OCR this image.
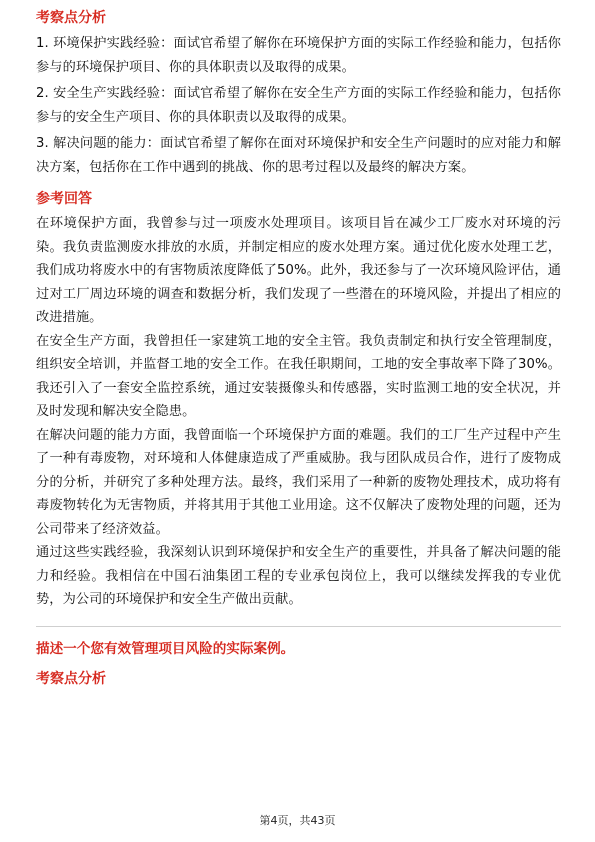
考察点分析

1. 环境保护实践经验：面试官希望了解你在环境保护方面的实际工作经验和能力，包括你参与的环境保护项目、你的具体职责以及取得的成果。

2. 安全生产实践经验：面试官希望了解你在安全生产方面的实际工作经验和能力，包括你参与的安全生产项目、你的具体职责以及取得的成果。

3. 解决问题的能力：面试官希望了解你在面对环境保护和安全生产问题时的应对能力和解决方案，包括你在工作中遇到的挑战、你的思考过程以及最终的解决方案。

参考回答

在环境保护方面，我曾参与过一项废水处理项目。该项目旨在减少工厂废水对环境的污染。我负责监测废水排放的水质，并制定相应的废水处理方案。通过优化废水处理工艺，我们成功将废水中的有害物质浓度降低了50%。此外，我还参与了一次环境风险评估，通过对工厂周边环境的调查和数据分析，我们发现了一些潜在的环境风险，并提出了相应的改进措施。

在安全生产方面，我曾担任一家建筑工地的安全主管。我负责制定和执行安全管理制度，组织安全培训，并监督工地的安全工作。在我任职期间，工地的安全事故率下降了30%。我还引入了一套安全监控系统，通过安装摄像头和传感器，实时监测工地的安全状况，并及时发现和解决安全隐患。

在解决问题的能力方面，我曾面临一个环境保护方面的难题。我们的工厂生产过程中产生了一种有毒废物，对环境和人体健康造成了严重威胁。我与团队成员合作，进行了废物成分的分析，并研究了多种处理方法。最终，我们采用了一种新的废物处理技术，成功将有毒废物转化为无害物质，并将其用于其他工业用途。这不仅解决了废物处理的问题，还为公司带来了经济效益。

通过这些实践经验，我深刻认识到环境保护和安全生产的重要性，并具备了解决问题的能力和经验。我相信在中国石油集团工程的专业承包岗位上，我可以继续发挥我的专业优势，为公司的环境保护和安全生产做出贡献。

描述一个您有效管理项目风险的实际案例。

考察点分析
第4页，共43页
